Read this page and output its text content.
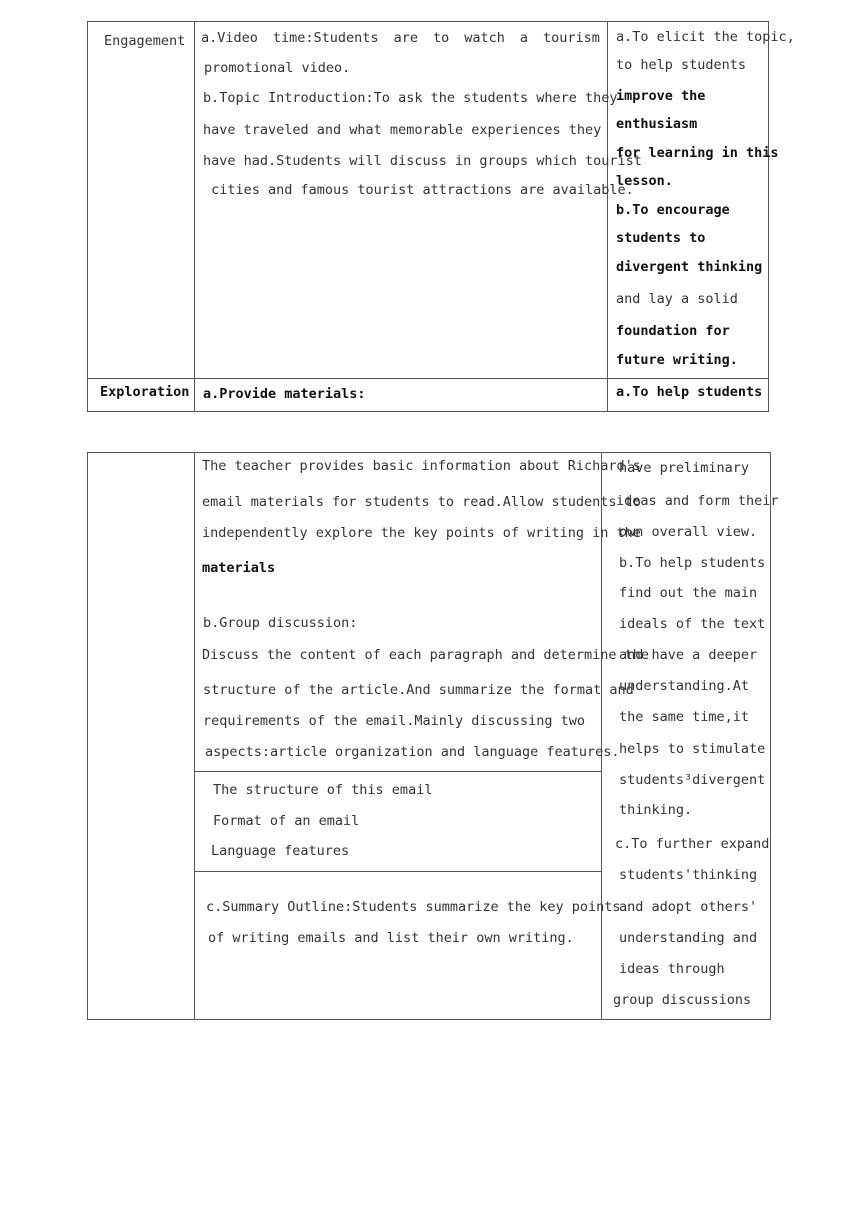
Engagement
Exploration
a.Video time:Students are to watch a tourism
promotional video.
b.Topic Introduction:To ask the students where they
have traveled and what memorable experiences they
have had.Students will discuss in groups which tourist
cities and famous tourist attractions are available.
a.To elicit the topic,
to help students
improve the
enthusiasm
for learning in this
lesson.
b.To encourage
students to
divergent thinking
and lay a solid
foundation for
future writing.
a.Provide materials:	a.To help students
The teacher provides basic information about Richard's
email materials for students to read.Allow students to
independently explore the key points of writing in the
materials
b.Group discussion:
Discuss the content of each paragraph and determine the
structure of the article.And summarize the format and
requirements of the email.Mainly discussing two
aspects:article organization and language features.
The structure of this email
Format of an email
Language features
c.Summary Outline:Students summarize the key points
of writing emails and list their own writing.
have preliminary
ideas and form their
own overall view.
b.To help students
find out the main
ideals of the text
and have a deeper
understanding.At
the same time,it
helps to stimulate
students³divergent
thinking.
c.To further expand
students'thinking
and adopt others'
understanding and
ideas through
group discussions
